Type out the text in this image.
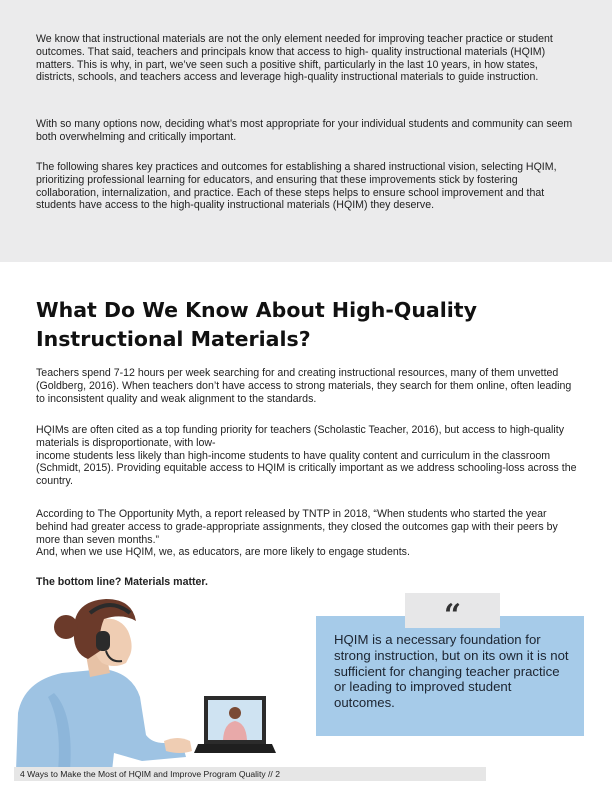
We know that instructional materials are not the only element needed for improving teacher practice or student outcomes. That said, teachers and principals know that access to high- quality instructional materials (HQIM) matters. This is why, in part, we’ve seen such a positive shift, particularly in the last 10 years, in how states, districts, schools, and teachers access and leverage high-quality instructional materials to guide instruction.

With so many options now, deciding what’s most appropriate for your individual students and community can seem both overwhelming and critically important.

The following shares key practices and outcomes for establishing a shared instructional vision, selecting HQIM, prioritizing professional learning for educators, and ensuring that these improvements stick by fostering collaboration, internalization, and practice. Each of these steps helps to ensure school improvement and that students have access to the high-quality instructional materials (HQIM) they deserve.

What Do We Know About High-Quality Instructional Materials?

Teachers spend 7-12 hours per week searching for and creating instructional resources, many of them unvetted (Goldberg, 2016). When teachers don’t have access to strong materials, they search for them online, often leading to inconsistent quality and weak alignment to the standards.

HQIMs are often cited as a top funding priority for teachers (Scholastic Teacher, 2016), but access to high-quality materials is disproportionate, with low-
income students less likely than high-income students to have quality content and curriculum in the classroom (Schmidt, 2015). Providing equitable access to HQIM is critically important as we address schooling-loss across the country.

According to The Opportunity Myth, a report released by TNTP in 2018, “When students who started the year behind had greater access to grade-appropriate assignments, they closed the outcomes gap with their peers by more than seven months.”
And, when we use HQIM, we, as educators, are more likely to engage students.

The bottom line? Materials matter.

HQIM is a necessary foundation for strong instruction, but on its own it is not sufficient for changing teacher practice or leading to improved student outcomes.

“
4 Ways to Make the Most of HQIM and Improve Program Quality // 2
